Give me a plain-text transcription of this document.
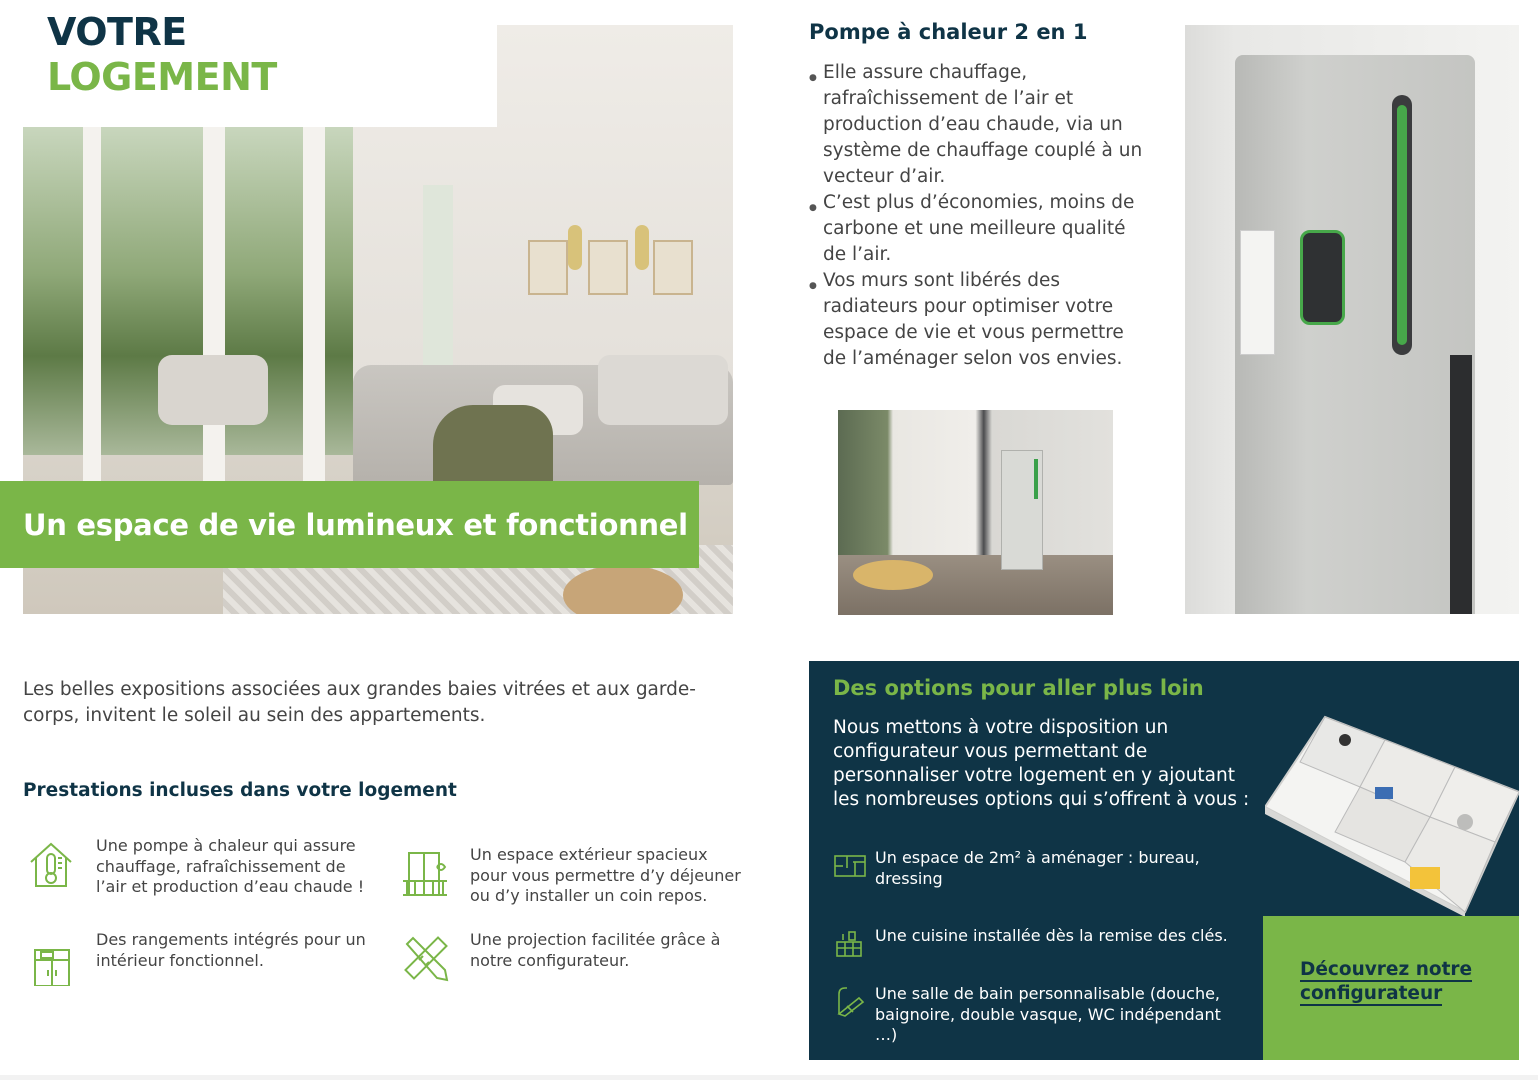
VOTRE
LOGEMENT
Un espace de vie lumineux et fonctionnel
Les belles expositions associées aux grandes baies vitrées et aux garde-corps, invitent le soleil au sein des appartements.
Prestations incluses dans votre logement
Une pompe à chaleur qui assure chauffage, rafraîchissement de l’air et production d’eau chaude !
Un espace extérieur spacieux pour vous permettre d’y déjeuner ou d’y installer un coin repos.
Des rangements intégrés pour un intérieur fonctionnel.
Une projection facilitée grâce à notre configurateur.
Pompe à chaleur 2 en 1
● Elle assure chauffage, rafraîchissement de l’air et production d’eau chaude, via un système de chauffage couplé à un vecteur d’air.
● C’est plus d’économies, moins de carbone et une meilleure qualité de l’air.
● Vos murs sont libérés des radiateurs pour optimiser votre espace de vie et vous permettre de l’aménager selon vos envies.
Des options pour aller plus loin
Nous mettons à votre disposition un configurateur vous permettant de personnaliser votre logement en y ajoutant les nombreuses options qui s’offrent à vous :
Un espace de 2m² à aménager : bureau, dressing
Une cuisine installée dès la remise des clés.
Une salle de bain personnalisable (douche, baignoire, double vasque, WC indépendant …)
Découvrez notre
configurateur
